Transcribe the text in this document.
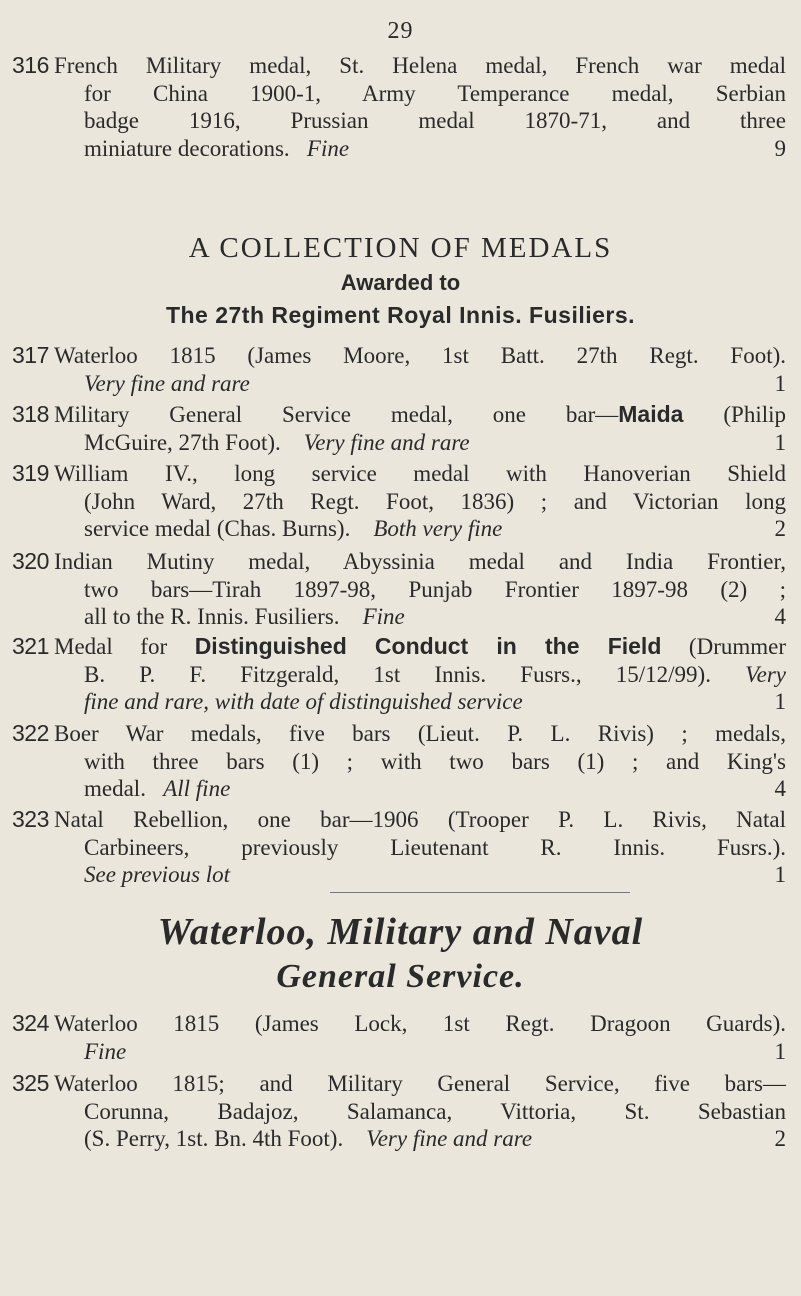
29
316 French Military medal, St. Helena medal, French war medal
for China 1900-1, Army Temperance medal, Serbian
badge 1916, Prussian medal 1870-71, and three
miniature decorations. Fine	9
A COLLECTION OF MEDALS
Awarded to
The 27th Regiment Royal Innis. Fusiliers.
317 Waterloo 1815 (James Moore, 1st Batt. 27th Regt. Foot).
Very fine and rare	1
318 Military General Service medal, one bar—Maida (Philip
McGuire, 27th Foot). Very fine and rare	1
319 William IV., long service medal with Hanoverian Shield
(John Ward, 27th Regt. Foot, 1836) ; and Victorian long
service medal (Chas. Burns). Both very fine	2
320 Indian Mutiny medal, Abyssinia medal and India Frontier,
two bars—Tirah 1897-98, Punjab Frontier 1897-98 (2) ;
all to the R. Innis. Fusiliers. Fine	4
321 Medal for Distinguished Conduct in the Field (Drummer
B. P. F. Fitzgerald, 1st Innis. Fusrs., 15/12/99). Very
fine and rare, with date of distinguished service	1
322 Boer War medals, five bars (Lieut. P. L. Rivis) ; medals,
with three bars (1) ; with two bars (1) ; and King's
medal. All fine	4
323 Natal Rebellion, one bar—1906 (Trooper P. L. Rivis, Natal
Carbineers, previously Lieutenant R. Innis. Fusrs.).
See previous lot	1
Waterloo, Military and Naval
General Service.
324 Waterloo 1815 (James Lock, 1st Regt. Dragoon Guards).
Fine	1
325 Waterloo 1815; and Military General Service, five bars—
Corunna, Badajoz, Salamanca, Vittoria, St. Sebastian
(S. Perry, 1st. Bn. 4th Foot). Very fine and rare	2
